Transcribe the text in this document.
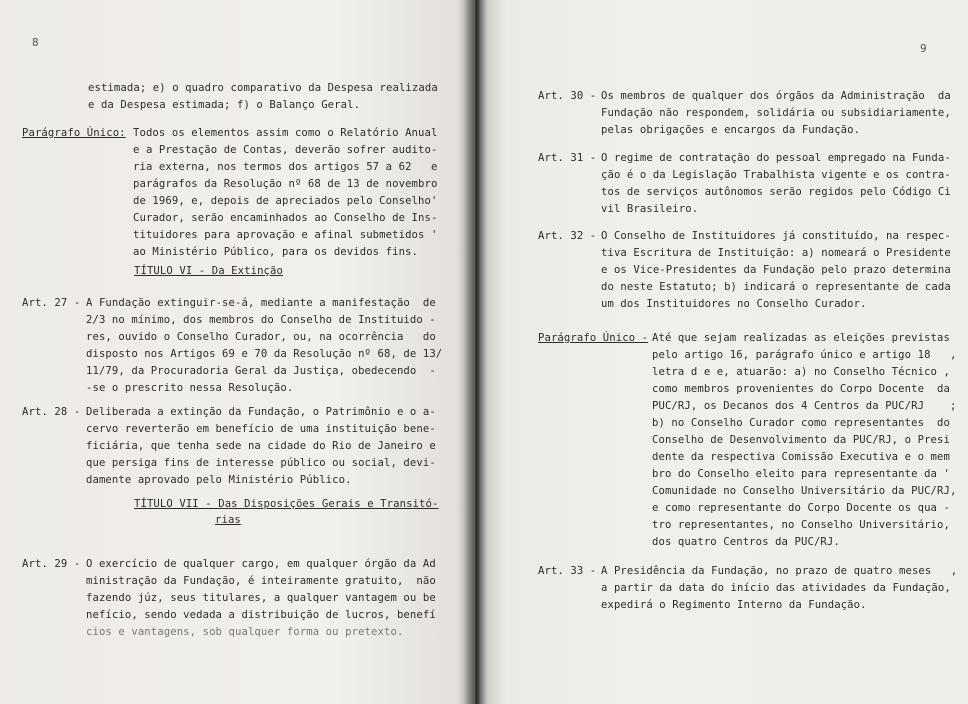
8
estimada; e) o quadro comparativo da Despesa realizada
e da Despesa estimada; f) o Balanço Geral.
Parágrafo Único: Todos os elementos assim como o Relatório Anual
e a Prestação de Contas, deverão sofrer audito-
ria externa, nos termos dos artigos 57 a 62   e
parágrafos da Resolução nº 68 de 13 de novembro
de 1969, e, depois de apreciados pelo Conselho'
Curador, serão encaminhados ao Conselho de Ins-
tituidores para aprovação e afinal submetidos '
ao Ministério Público, para os devidos fins.
TÍTULO VI - Da Extinção
Art. 27 - A Fundação extinguir-se-á, mediante a manifestação  de
2/3 no mínimo, dos membros do Conselho de Instituido -
res, ouvido o Conselho Curador, ou, na ocorrência   do
disposto nos Artigos 69 e 70 da Resolução nº 68, de 13/
11/79, da Procuradoria Geral da Justiça, obedecendo  -
-se o prescrito nessa Resolução.
Art. 28 - Deliberada a extinção da Fundação, o Patrimônio e o a-
cervo reverterão em benefício de uma instituição bene-
ficiária, que tenha sede na cidade do Rio de Janeiro e
que persiga fins de interesse público ou social, devi-
damente aprovado pelo Ministério Público.
TÍTULO VII - Das Disposições Gerais e Transitó-
rias
Art. 29 - O exercício de qualquer cargo, em qualquer órgão da Ad
ministração da Fundação, é inteiramente gratuito,  não
fazendo júz, seus titulares, a qualquer vantagem ou be
nefício, sendo vedada a distribuição de lucros, benefí
cios e vantagens, sob qualquer forma ou pretexto.
9
Art. 30 - Os membros de qualquer dos órgãos da Administração  da
Fundação não respondem, solidária ou subsidiariamente,
pelas obrigações e encargos da Fundação.
Art. 31 - O regime de contratação do pessoal empregado na Funda-
ção é o da Legislação Trabalhista vigente e os contra-
tos de serviços autônomos serão regidos pelo Código Ci
vil Brasileiro.
Art. 32 - O Conselho de Instituidores já constituído, na respec-
tiva Escritura de Instituição: a) nomeará o Presidente
e os Vice-Presidentes da Fundação pelo prazo determina
do neste Estatuto; b) indicará o representante de cada
um dos Instituidores no Conselho Curador.
Parágrafo Único - Até que sejam realizadas as eleições previstas
pelo artigo 16, parágrafo único e artigo 18   ,
letra d e e, atuarão: a) no Conselho Técnico ,
como membros provenientes do Corpo Docente  da
PUC/RJ, os Decanos dos 4 Centros da PUC/RJ    ;
b) no Conselho Curador como representantes  do
Conselho de Desenvolvimento da PUC/RJ, o Presi
dente da respectiva Comissão Executiva e o mem
bro do Conselho eleito para representante da '
Comunidade no Conselho Universitário da PUC/RJ,
e como representante do Corpo Docente os qua -
tro representantes, no Conselho Universitário,
dos quatro Centros da PUC/RJ.
Art. 33 - A Presidência da Fundação, no prazo de quatro meses   ,
a partir da data do início das atividades da Fundação,
expedirá o Regimento Interno da Fundação.
